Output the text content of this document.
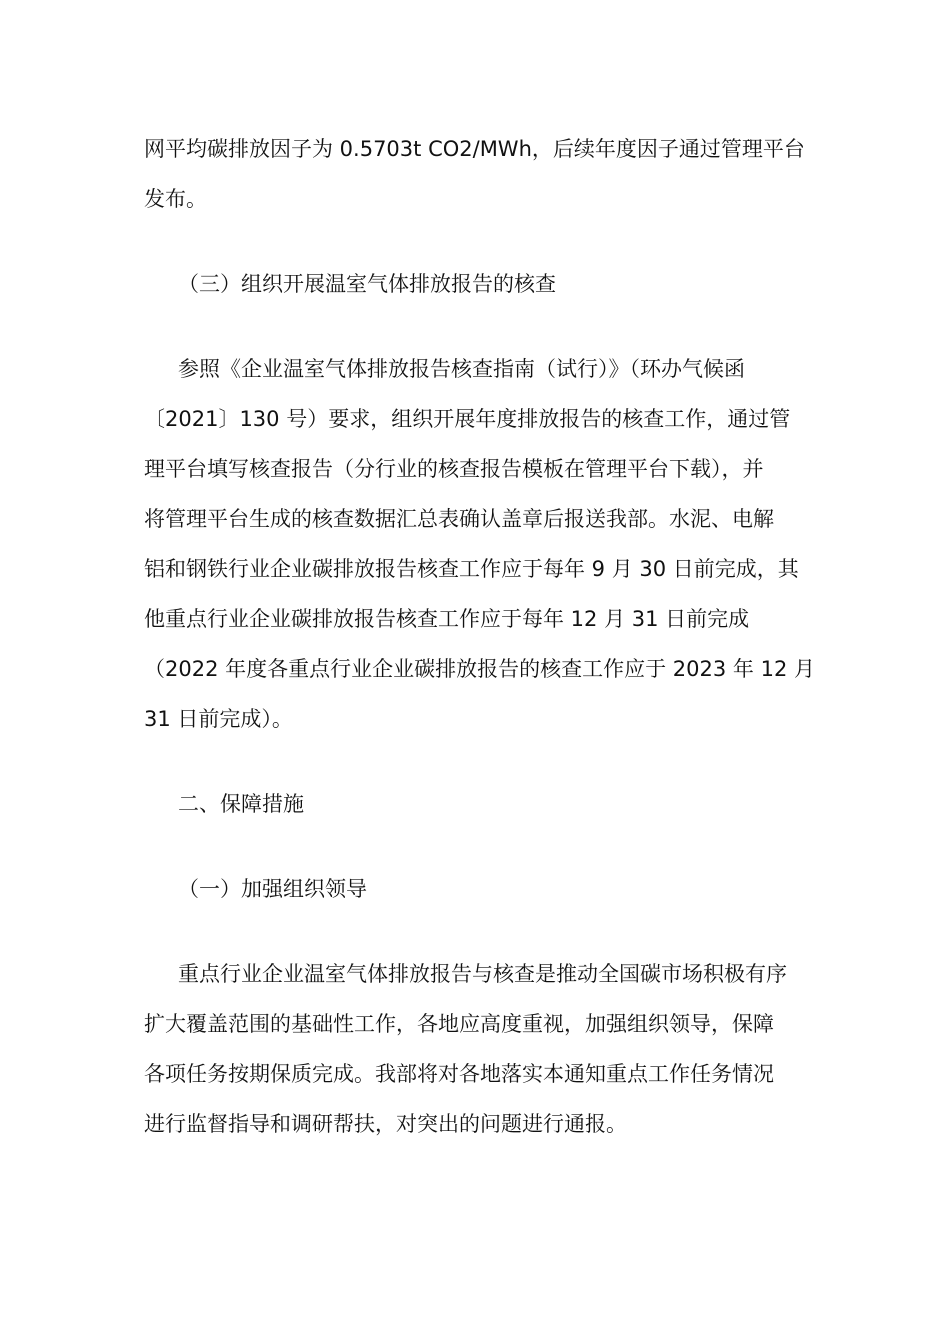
网平均碳排放因子为 0.5703t CO2/MWh，后续年度因子通过管理平台

发布。

（三）组织开展温室气体排放报告的核查

参照《企业温室气体排放报告核查指南（试行）》（环办气候函

〔2021〕130 号）要求，组织开展年度排放报告的核查工作，通过管

理平台填写核查报告（分行业的核查报告模板在管理平台下载），并

将管理平台生成的核查数据汇总表确认盖章后报送我部。水泥、电解

铝和钢铁行业企业碳排放报告核查工作应于每年 9 月 30 日前完成，其

他重点行业企业碳排放报告核查工作应于每年 12 月 31 日前完成

（2022 年度各重点行业企业碳排放报告的核查工作应于 2023 年 12 月

31 日前完成）。

二、保障措施

（一）加强组织领导

重点行业企业温室气体排放报告与核查是推动全国碳市场积极有序

扩大覆盖范围的基础性工作，各地应高度重视，加强组织领导，保障

各项任务按期保质完成。我部将对各地落实本通知重点工作任务情况

进行监督指导和调研帮扶，对突出的问题进行通报。
